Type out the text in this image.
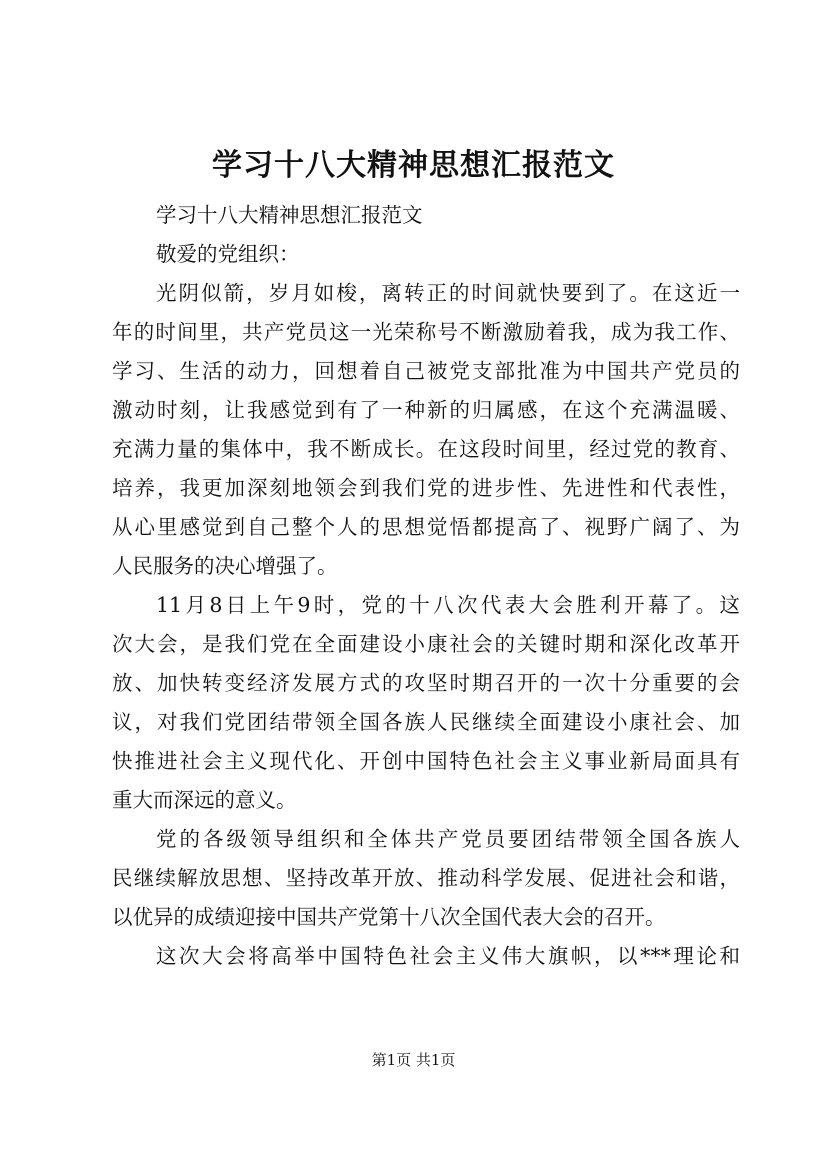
学习十八大精神思想汇报范文
学习十八大精神思想汇报范文
敬爱的党组织：
光阴似箭，岁月如梭，离转正的时间就快要到了。在这近一
年的时间里，共产党员这一光荣称号不断激励着我，成为我工作、
学习、生活的动力，回想着自己被党支部批准为中国共产党员的
激动时刻，让我感觉到有了一种新的归属感，在这个充满温暖、
充满力量的集体中，我不断成长。在这段时间里，经过党的教育、
培养，我更加深刻地领会到我们党的进步性、先进性和代表性，
从心里感觉到自己整个人的思想觉悟都提高了、视野广阔了、为
人民服务的决心增强了。
11月8日上午9时，党的十八次代表大会胜利开幕了。这
次大会，是我们党在全面建设小康社会的关键时期和深化改革开
放、加快转变经济发展方式的攻坚时期召开的一次十分重要的会
议，对我们党团结带领全国各族人民继续全面建设小康社会、加
快推进社会主义现代化、开创中国特色社会主义事业新局面具有
重大而深远的意义。
党的各级领导组织和全体共产党员要团结带领全国各族人
民继续解放思想、坚持改革开放、推动科学发展、促进社会和谐，
以优异的成绩迎接中国共产党第十八次全国代表大会的召开。
这次大会将高举中国特色社会主义伟大旗帜，以***理论和
第1页 共1页
